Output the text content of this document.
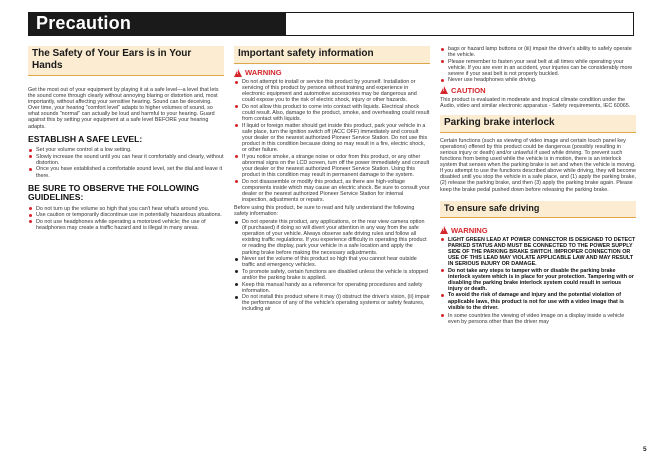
Precaution
The Safety of Your Ears is in Your Hands

Get the most out of your equipment by playing it at a safe level—a level that lets the sound come through clearly without annoying blaring or distortion and, most importantly, without affecting your sensitive hearing. Sound can be deceiving. Over time, your hearing "comfort level" adapts to higher volumes of sound, so what sounds "normal" can actually be loud and harmful to your hearing. Guard against this by setting your equipment at a safe level BEFORE your hearing adapts.

ESTABLISH A SAFE LEVEL:
Set your volume control at a low setting.
Slowly increase the sound until you can hear it comfortably and clearly, without distortion.
Once you have established a comfortable sound level, set the dial and leave it there.
BE SURE TO OBSERVE THE FOLLOWING GUIDELINES:
Do not turn up the volume so high that you can't hear what's around you.
Use caution or temporarily discontinue use in potentially hazardous situations.
Do not use headphones while operating a motorized vehicle; the use of headphones may create a traffic hazard and is illegal in many areas.
Important safety information
!
WARNING
Do not attempt to install or service this product by yourself. Installation or servicing of this product by persons without training and experience in electronic equipment and automotive accessories may be dangerous and could expose you to the risk of electric shock, injury or other hazards.
Do not allow this product to come into contact with liquids. Electrical shock could result. Also, damage to the product, smoke, and overheating could result from contact with liquids.
If liquid or foreign matter should get inside this product, park your vehicle in a safe place, turn the ignition switch off (ACC OFF) immediately and consult your dealer or the nearest authorized Pioneer Service Station. Do not use this product in this condition because doing so may result in a fire, electric shock, or other failure.
If you notice smoke, a strange noise or odor from this product, or any other abnormal signs on the LCD screen, turn off the power immediately and consult your dealer or the nearest authorized Pioneer Service Station. Using this product in this condition may result in permanent damage to the system.
Do not disassemble or modify this product, as there are high-voltage components inside which may cause an electric shock. Be sure to consult your dealer or the nearest authorized Pioneer Service Station for internal inspection, adjustments or repairs.

Before using this product, be sure to read and fully understand the following safety information:

Do not operate this product, any applications, or the rear view camera option (if purchased) if doing so will divert your attention in any way from the safe operation of your vehicle. Always observe safe driving rules and follow all existing traffic regulations. If you experience difficulty in operating this product or reading the display, park your vehicle in a safe location and apply the parking brake before making the necessary adjustments.
Never set the volume of this product so high that you cannot hear outside traffic and emergency vehicles.
To promote safety, certain functions are disabled unless the vehicle is stopped and/or the parking brake is applied.
Keep this manual handy as a reference for operating procedures and safety information.
Do not install this product where it may (i) obstruct the driver's vision, (ii) impair the performance of any of the vehicle's operating systems or safety features, including air
bags or hazard lamp buttons or (iii) impair the driver's ability to safely operate the vehicle.
Please remember to fasten your seat belt at all times while operating your vehicle. If you are ever in an accident, your injuries can be considerably more severe if your seat belt is not properly buckled.
Never use headphones while driving.
!
CAUTION

This product is evaluated in moderate and tropical climate condition under the Audio, video and similar electronic apparatus - Safety requirements, IEC 60065.

Parking brake interlock

Certain functions (such as viewing of video image and certain touch panel key operations) offered by this product could be dangerous (possibly resulting in serious injury or death) and/or unlawful if used while driving. To prevent such functions from being used while the vehicle is in motion, there is an interlock system that senses when the parking brake is set and when the vehicle is moving. If you attempt to use the functions described above while driving, they will become disabled until you stop the vehicle in a safe place, and (1) apply the parking brake, (2) release the parking brake, and then (3) apply the parking brake again. Please keep the brake pedal pushed down before releasing the parking brake.

To ensure safe driving
!
WARNING
LIGHT GREEN LEAD AT POWER CONNECTOR IS DESIGNED TO DETECT PARKED STATUS AND MUST BE CONNECTED TO THE POWER SUPPLY SIDE OF THE PARKING BRAKE SWITCH. IMPROPER CONNECTION OR USE OF THIS LEAD MAY VIOLATE APPLICABLE LAW AND MAY RESULT IN SERIOUS INJURY OR DAMAGE.
Do not take any steps to tamper with or disable the parking brake interlock system which is in place for your protection. Tampering with or disabling the parking brake interlock system could result in serious injury or death.
To avoid the risk of damage and injury and the potential violation of applicable laws, this product is not for use with a video image that is visible to the driver.
In some countries the viewing of video image on a display inside a vehicle even by persons other than the driver may
5
